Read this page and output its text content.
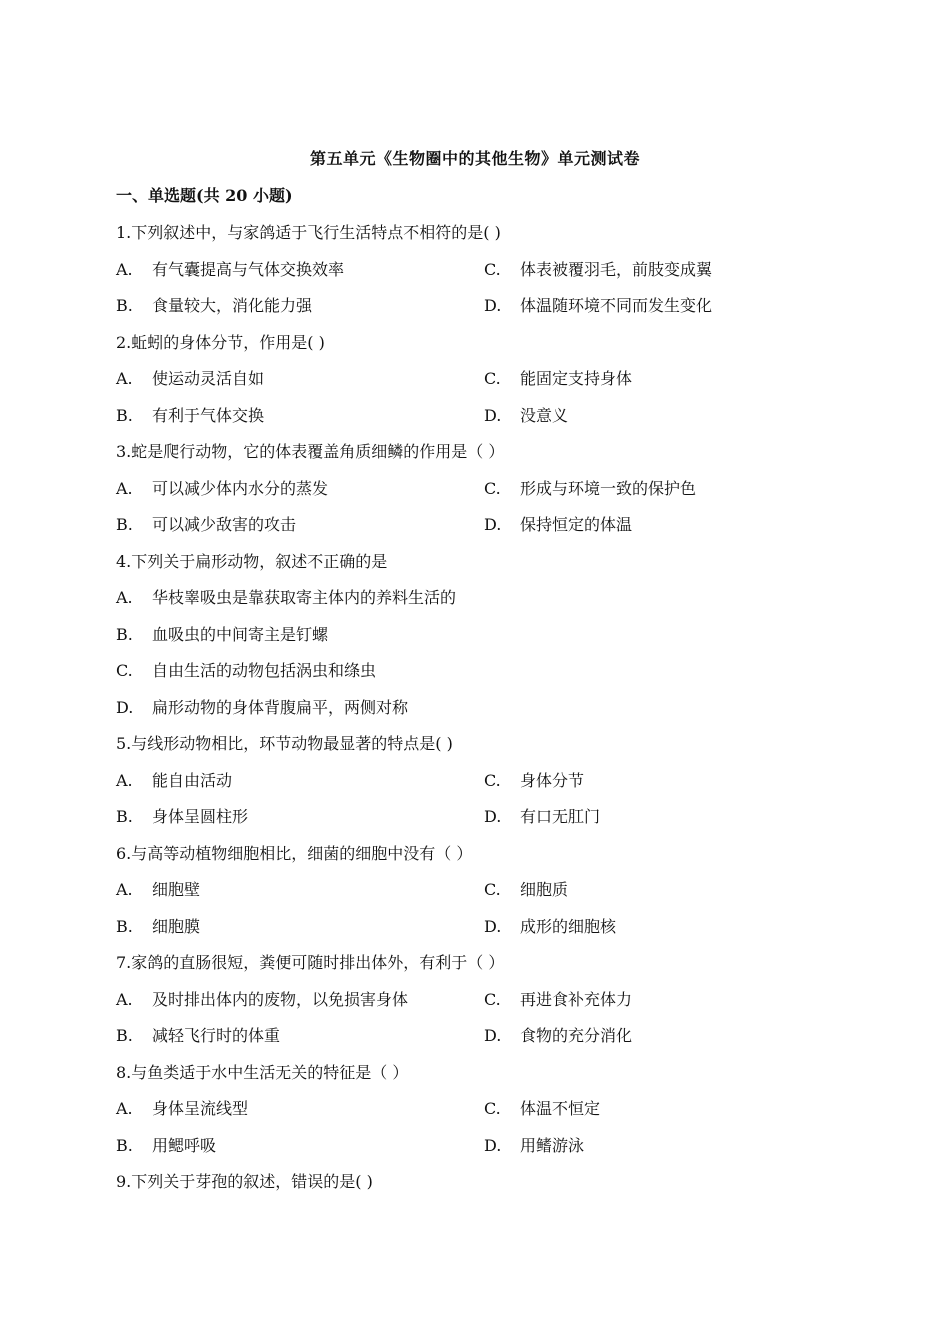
第五单元《生物圈中的其他生物》单元测试卷
一、单选题(共 20 小题)
1.下列叙述中，与家鸽适于飞行生活特点不相符的是( )
A. 有气囊提高与气体交换效率	C. 体表被覆羽毛，前肢变成翼
B. 食量较大，消化能力强	D. 体温随环境不同而发生变化
2.蚯蚓的身体分节，作用是( )
A. 使运动灵活自如	C. 能固定支持身体
B. 有利于气体交换	D. 没意义
3.蛇是爬行动物，它的体表覆盖角质细鳞的作用是（ ）
A. 可以减少体内水分的蒸发	C. 形成与环境一致的保护色
B. 可以减少敌害的攻击	D. 保持恒定的体温
4.下列关于扁形动物，叙述不正确的是
A. 华枝睾吸虫是靠获取寄主体内的养料生活的
B. 血吸虫的中间寄主是钉螺
C. 自由生活的动物包括涡虫和绦虫
D. 扁形动物的身体背腹扁平，两侧对称
5.与线形动物相比，环节动物最显著的特点是( )
A. 能自由活动	C. 身体分节
B. 身体呈圆柱形	D. 有口无肛门
6.与高等动植物细胞相比，细菌的细胞中没有（ ）
A. 细胞壁	C. 细胞质
B. 细胞膜	D. 成形的细胞核
7.家鸽的直肠很短，粪便可随时排出体外，有利于（ ）
A. 及时排出体内的废物，以免损害身体	C. 再进食补充体力
B. 减轻飞行时的体重	D. 食物的充分消化
8.与鱼类适于水中生活无关的特征是（ ）
A. 身体呈流线型	C. 体温不恒定
B. 用鳃呼吸	D. 用鳍游泳
9.下列关于芽孢的叙述，错误的是( )
